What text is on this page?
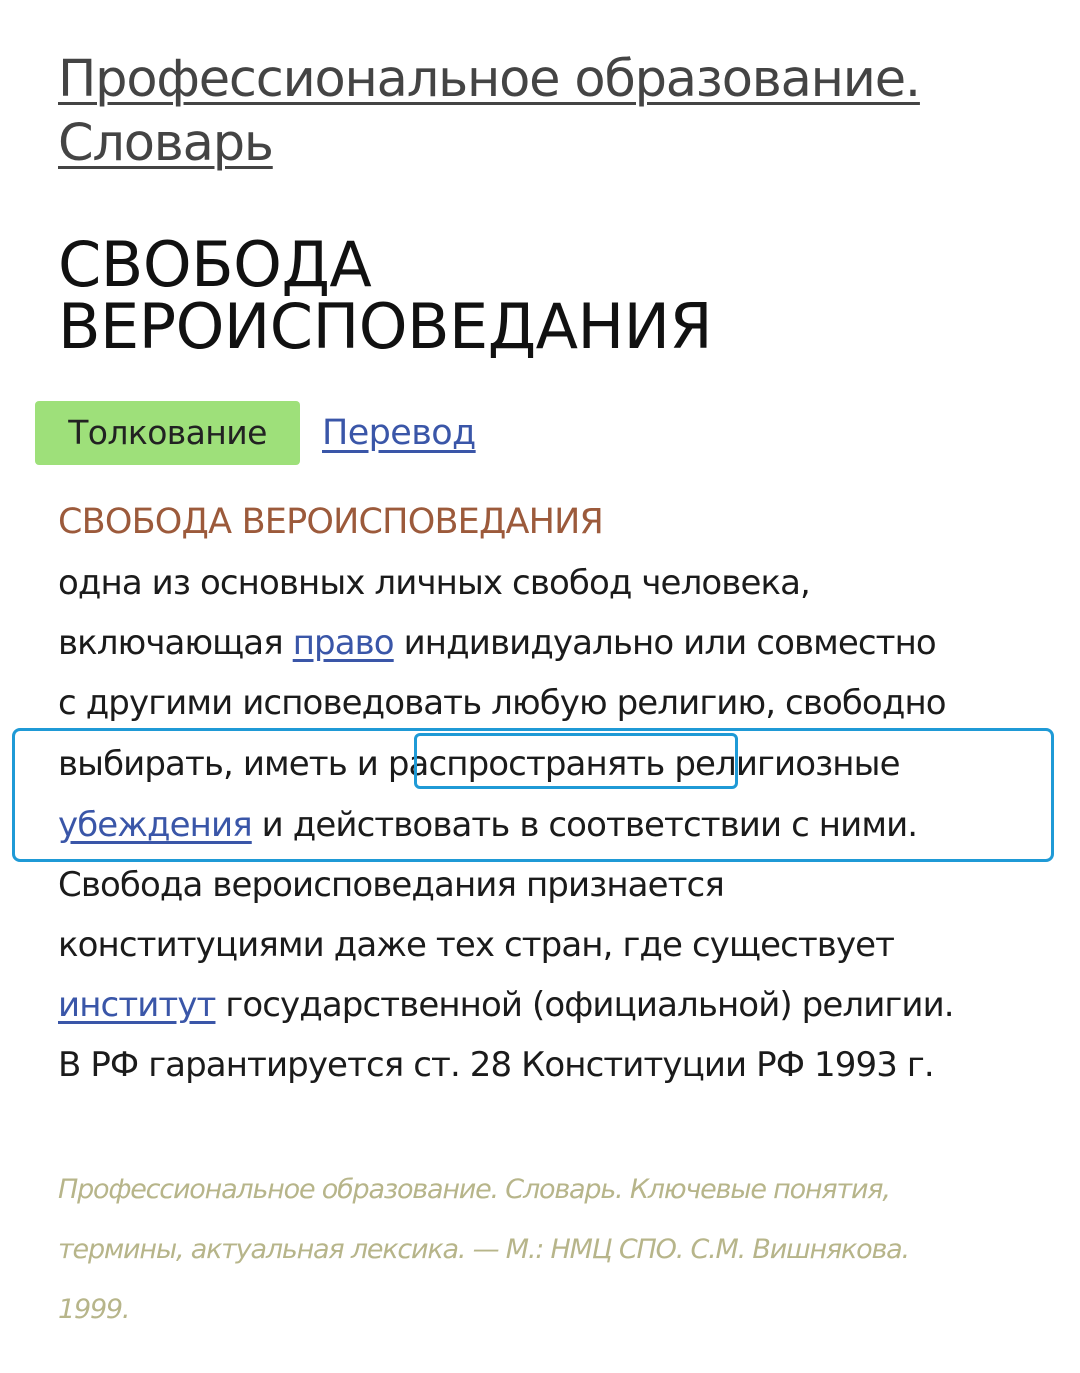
Профессиональное образование.
Словарь
СВОБОДА
ВЕРОИСПОВЕДАНИЯ
Толкование	Перевод
СВОБОДА ВЕРОИСПОВЕДАНИЯ
одна из основных личных свобод человека,
включающая право индивидуально или совместно
с другими исповедовать любую религию, свободно
выбирать, иметь и распространять религиозные
убеждения и действовать в соответствии с ними.
Свобода вероисповедания признается
конституциями даже тех стран, где существует
институт государственной (официальной) религии.
В РФ гарантируется ст. 28 Конституции РФ 1993 г.
Профессиональное образование. Словарь. Ключевые понятия,
термины, актуальная лексика. — М.: НМЦ СПО. С.М. Вишнякова.
1999.
